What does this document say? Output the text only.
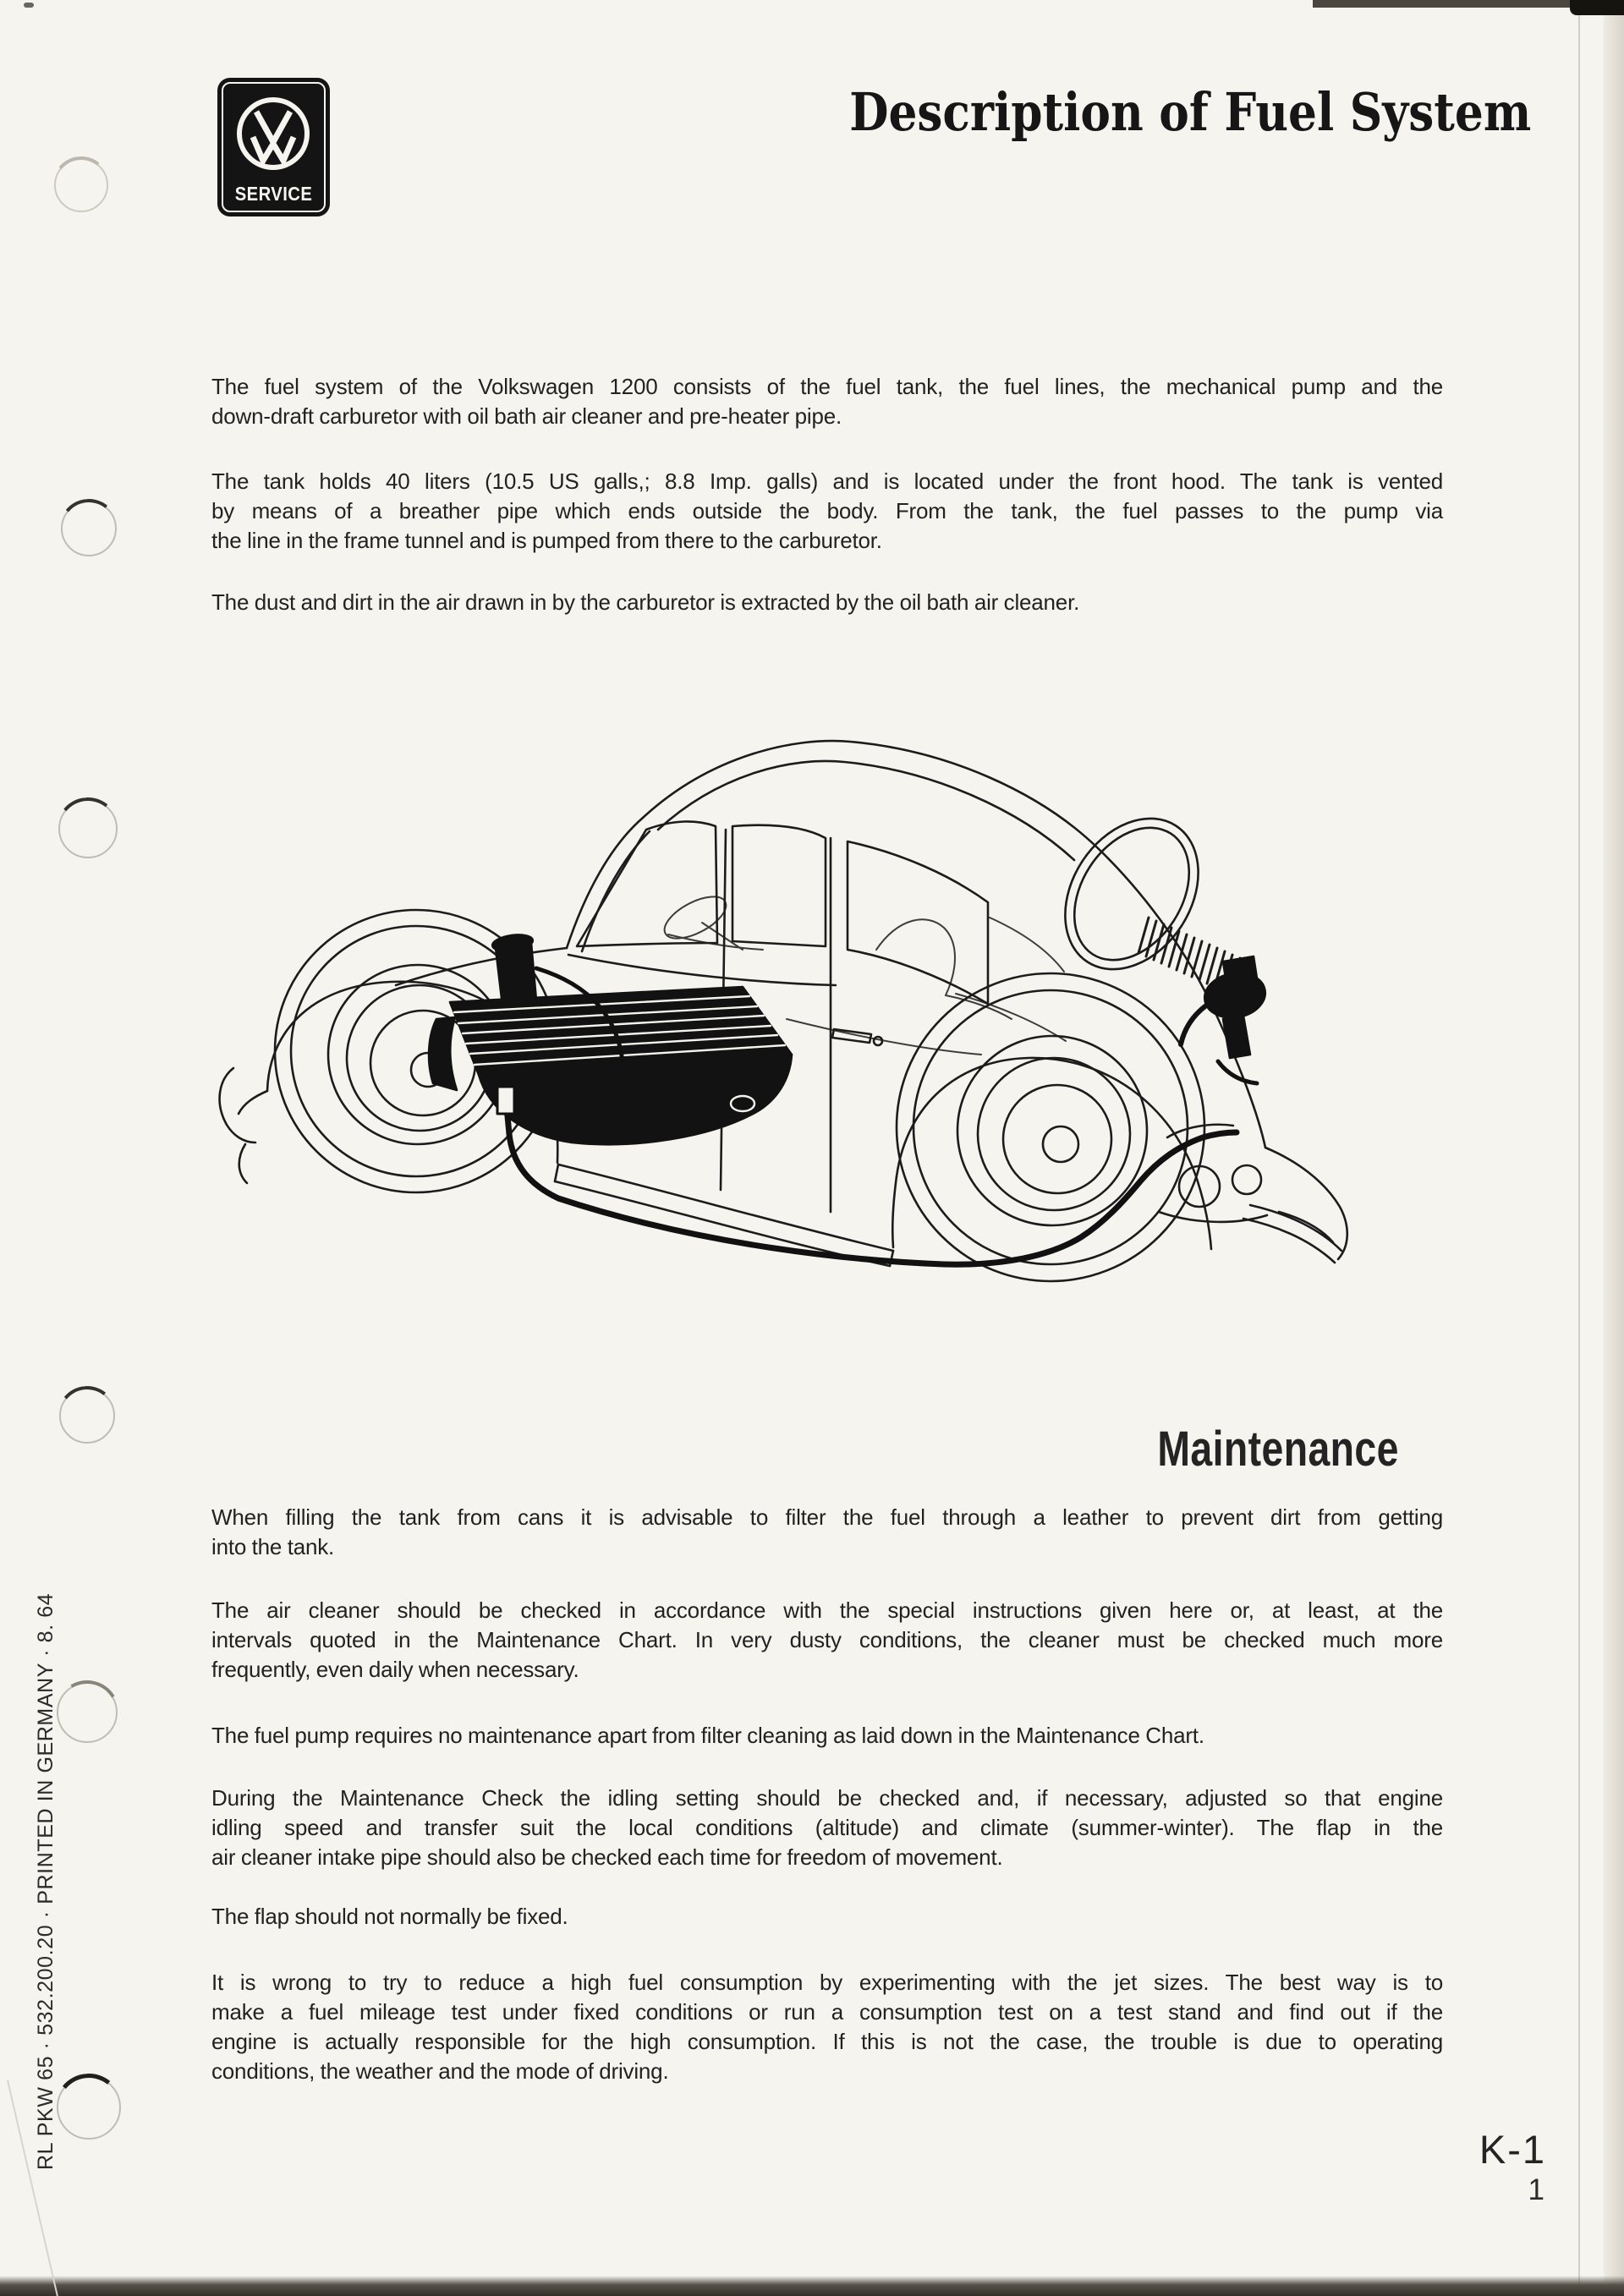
SERVICE
Description of Fuel System
The fuel system of the Volkswagen 1200 consists of the fuel tank, the fuel lines, the mechanical pump and the
down-draft carburetor with oil bath air cleaner and pre-heater pipe.
The tank holds 40 liters (10.5 US galls,; 8.8 Imp. galls) and is located under the front hood. The tank is vented
by means of a breather pipe which ends outside the body. From the tank, the fuel passes to the pump via
the line in the frame tunnel and is pumped from there to the carburetor.
The dust and dirt in the air drawn in by the carburetor is extracted by the oil bath air cleaner.
Maintenance
When filling the tank from cans it is advisable to filter the fuel through a leather to prevent dirt from getting
into the tank.
The air cleaner should be checked in accordance with the special instructions given here or, at least, at the
intervals quoted in the Maintenance Chart. In very dusty conditions, the cleaner must be checked much more
frequently, even daily when necessary.
The fuel pump requires no maintenance apart from filter cleaning as laid down in the Maintenance Chart.
During the Maintenance Check the idling setting should be checked and, if necessary, adjusted so that engine
idling speed and transfer suit the local conditions (altitude) and climate (summer-winter). The flap in the
air cleaner intake pipe should also be checked each time for freedom of movement.
The flap should not normally be fixed.
It is wrong to try to reduce a high fuel consumption by experimenting with the jet sizes. The best way is to
make a fuel mileage test under fixed conditions or run a consumption test on a test stand and find out if the
engine is actually responsible for the high consumption. If this is not the case, the trouble is due to operating
conditions, the weather and the mode of driving.
RL PKW 65 · 532.200.20 · PRINTED IN GERMANY · 8. 64	K-1
1
